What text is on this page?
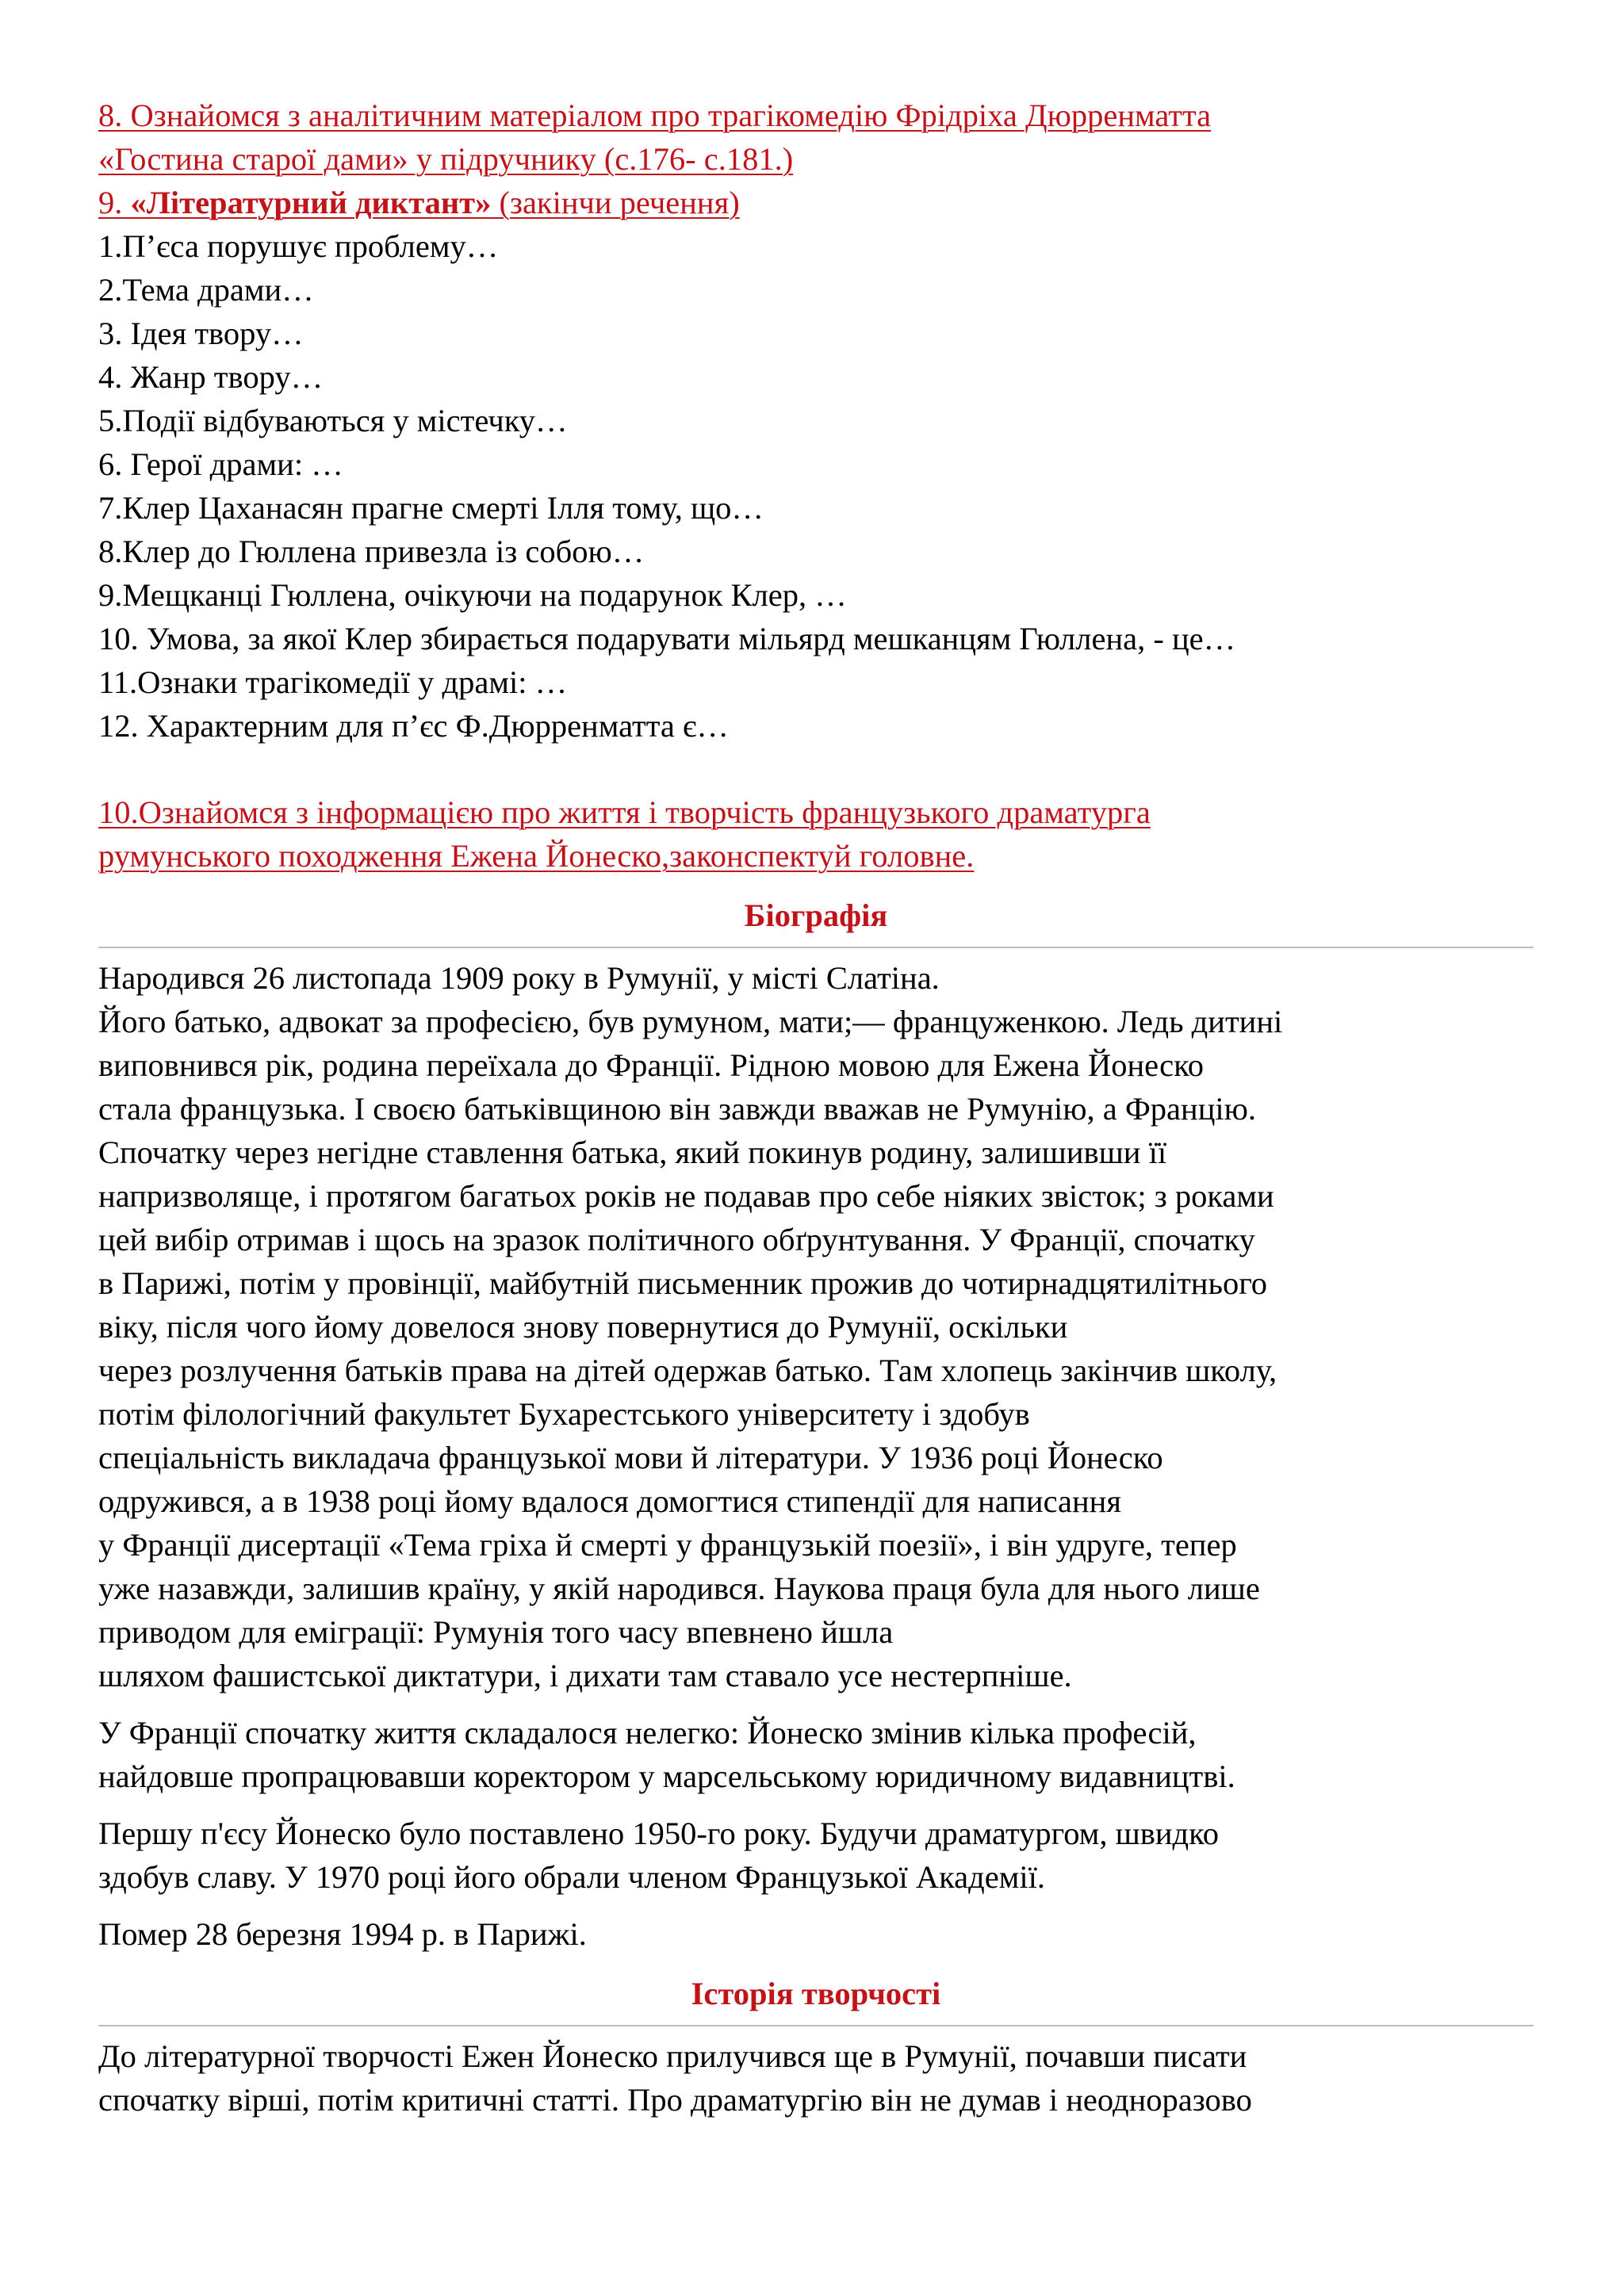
8. Ознайомся з аналітичним матеріалом про трагікомедію Фрідріха Дюрренматта
«Гостина старої дами» у підручнику (с.176- с.181.)
9. «Літературний диктант» (закінчи речення)
1.Пʼєса порушує проблему…
2.Тема драми…
3. Ідея твору…
4. Жанр твору…
5.Події відбуваються у містечку…
6. Герої драми: …
7.Клер Цаханасян прагне смерті Ілля тому, що…
8.Клер до Гюллена привезла із собою…
9.Мещканці Гюллена, очікуючи на подарунок Клер, …
10. Умова, за якої Клер збирається подарувати мільярд мешканцям Гюллена, - це…
11.Ознаки трагікомедії у драмі: …
12. Характерним для п’єс Ф.Дюрренматта є…
10.Ознайомся з інформацією про життя і творчість французького драматурга
румунського походження Ежена Йонеско,законспектуй головне.
Біографія
Народився 26 листопада 1909 року в Румунії, у місті Слатіна.
Його батько, адвокат за професією, був румуном, мати;— француженкою. Ледь дитині
виповнився рік, родина переїхала до Франції. Рідною мовою для Ежена Йонеско
стала французька. І своєю батьківщиною він завжди вважав не Румунію, а Францію.
Спочатку через негідне ставлення батька, який покинув родину, залишивши її
напризволяще, і протягом багатьох років не подавав про себе ніяких звісток; з роками
цей вибір отримав і щось на зразок політичного обґрунтування. У Франції, спочатку
в Парижі, потім у провінції, майбутній письменник прожив до чотирнадцятилітнього
віку, після чого йому довелося знову повернутися до Румунії, оскільки
через розлучення батьків права на дітей одержав батько. Там хлопець закінчив школу,
потім філологічний факультет Бухарестського університету і здобув
спеціальність викладача французької мови й літератури. У 1936 році Йонеско
одружився, а в 1938 році йому вдалося домогтися стипендії для написання
у Франції дисертації «Тема гріха й смерті у французькій поезії», і він удруге, тепер
уже назавжди, залишив країну, у якій народився. Наукова праця була для нього лише
приводом для еміграції: Румунія того часу впевнено йшла
шляхом фашистської диктатури, і дихати там ставало усе нестерпніше.
У Франції спочатку життя складалося нелегко: Йонеско змінив кілька професій,
найдовше пропрацювавши коректором у марсельському юридичному видавництві.
Першу п'єсу Йонеско було поставлено 1950-го року. Будучи драматургом, швидко
здобув славу. У 1970 році його обрали членом Французької Академії.
Помер 28 березня 1994 р. в Парижі.
Історія творчості
До літературної творчості Ежен Йонеско прилучився ще в Румунії, почавши писати
спочатку вірші, потім критичні статті. Про драматургію він не думав і неодноразово
